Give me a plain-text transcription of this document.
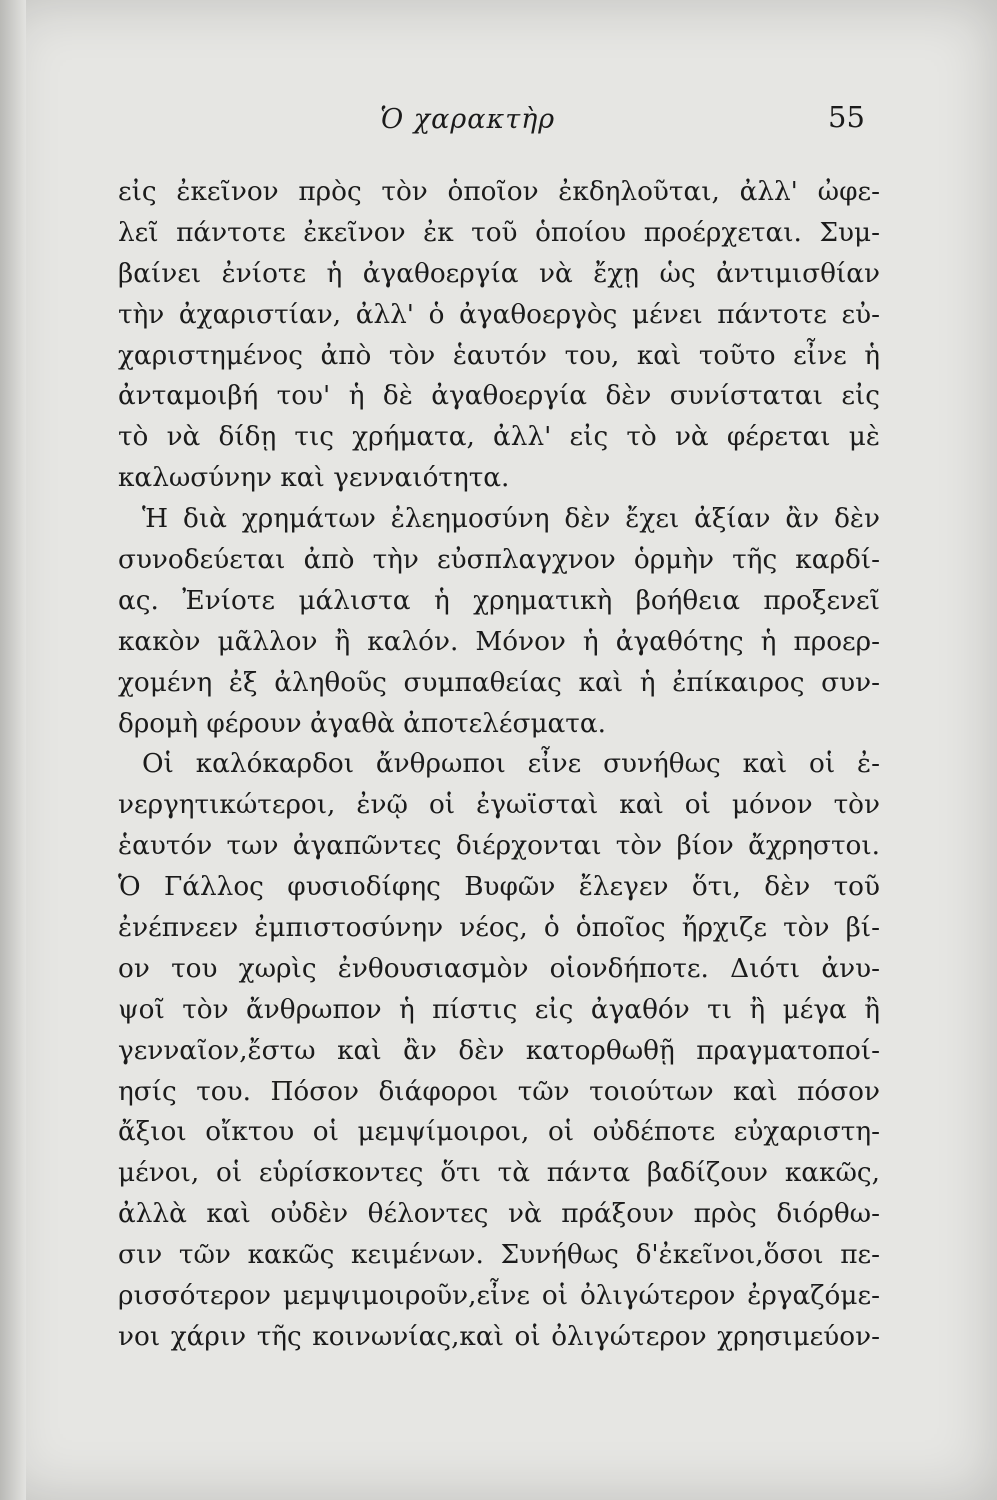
Ὁ χαρακτὴρ	55
εἰς ἐκεῖνον πρὸς τὸν ὁποῖον ἐκδηλοῦται, ἀλλ' ὠφε-
λεῖ πάντοτε ἐκεῖνον ἐκ τοῦ ὁποίου προέρχεται. Συμ-
βαίνει ἐνίοτε ἡ ἀγαθοεργία νὰ ἔχῃ ὡς ἀντιμισθίαν
τὴν ἀχαριστίαν, ἀλλ' ὁ ἀγαθοεργὸς μένει πάντοτε εὐ-
χαριστημένος ἀπὸ τὸν ἑαυτόν του, καὶ τοῦτο εἶνε ἡ
ἀνταμοιβή του' ἡ δὲ ἀγαθοεργία δὲν συνίσταται εἰς
τὸ νὰ δίδῃ τις χρήματα, ἀλλ' εἰς τὸ νὰ φέρεται μὲ
καλωσύνην καὶ γενναιότητα.
Ἡ διὰ χρημάτων ἐλεημοσύνη δὲν ἔχει ἀξίαν ἂν δὲν
συνοδεύεται ἀπὸ τὴν εὐσπλαγχνον ὁρμὴν τῆς καρδί-
ας. Ἐνίοτε μάλιστα ἡ χρηματικὴ βοήθεια προξενεῖ
κακὸν μᾶλλον ἢ καλόν. Μόνον ἡ ἀγαθότης ἡ προερ-
χομένη ἐξ ἀληθοῦς συμπαθείας καὶ ἡ ἐπίκαιρος συν-
δρομὴ φέρουν ἀγαθὰ ἀποτελέσματα.
Οἱ καλόκαρδοι ἄνθρωποι εἶνε συνήθως καὶ οἱ ἐ-
νεργητικώτεροι, ἐνῷ οἱ ἐγωϊσταὶ καὶ οἱ μόνον τὸν
ἑαυτόν των ἀγαπῶντες διέρχονται τὸν βίον ἄχρηστοι.
Ὁ Γάλλος φυσιοδίφης Βυφῶν ἔλεγεν ὅτι, δὲν τοῦ
ἐνέπνεεν ἐμπιστοσύνην νέος, ὁ ὁποῖος ἤρχιζε τὸν βί-
ον του χωρὶς ἐνθουσιασμὸν οἱονδήποτε. Διότι ἀνυ-
ψοῖ τὸν ἄνθρωπον ἡ πίστις εἰς ἀγαθόν τι ἢ μέγα ἢ
γενναῖον,ἔστω καὶ ἂν δὲν κατορθωθῇ πραγματοποί-
ησίς του. Πόσον διάφοροι τῶν τοιούτων καὶ πόσον
ἄξιοι οἴκτου οἱ μεμψίμοιροι, οἱ οὐδέποτε εὐχαριστη-
μένοι, οἱ εὑρίσκοντες ὅτι τὰ πάντα βαδίζουν κακῶς,
ἀλλὰ καὶ οὐδὲν θέλοντες νὰ πράξουν πρὸς διόρθω-
σιν τῶν κακῶς κειμένων. Συνήθως δ'ἐκεῖνοι,ὅσοι πε-
ρισσότερον μεμψιμοιροῦν,εἶνε οἱ ὀλιγώτερον ἐργαζόμε-
νοι χάριν τῆς κοινωνίας,καὶ οἱ ὀλιγώτερον χρησιμεύον-
